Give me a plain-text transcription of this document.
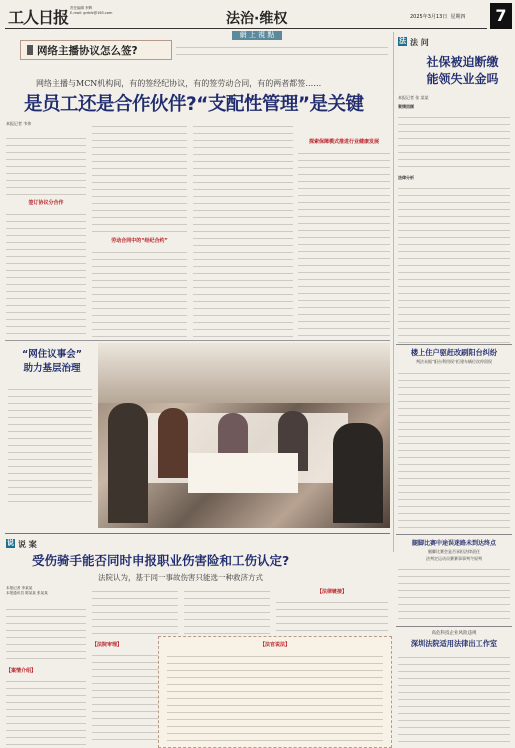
工人日报 责任编辑 李辉
E-mail: grrbfz@163.com	法治·维权	2025年3月13日 星期四	7
網 上 視 點
网络主播协议怎么签?

网络主播与MCN机构间，有的签经纪协议，有的签劳动合同，有的两者都签……
是员工还是合作伙伴?“支配性管理”是关键
本报记者 韦伟
签订协议分合作
劳动合同中的“经纪合约”
探索保障模式推进行业健康发展
“网住议事会”
助力基层治理
法 法 问
社保被迫断缴
能领失业金吗
本报记者 张 某某
案情回顾
法律分析
楼上住户驱赶改刷阳台纠纷
判法未据“阳台利用权”拒建车辆位次停留权
腿脚比赛会是否承担法律责任
腿脚比赛中途误迷路未到达终点
法判定运动员赛赛事事判令原判
高危科技企业风险违规
深圳法院适用法律出工作室
说 说 案
受伤骑手能否同时申报职业伤害险和工伤认定?
法院认为，基于同一事故伤害只能选一种救济方式
本报记者 李某某
本报通讯员 陈某某 张某某
【案情介绍】
【法院审理】
【法律链接】
【法官说法】
